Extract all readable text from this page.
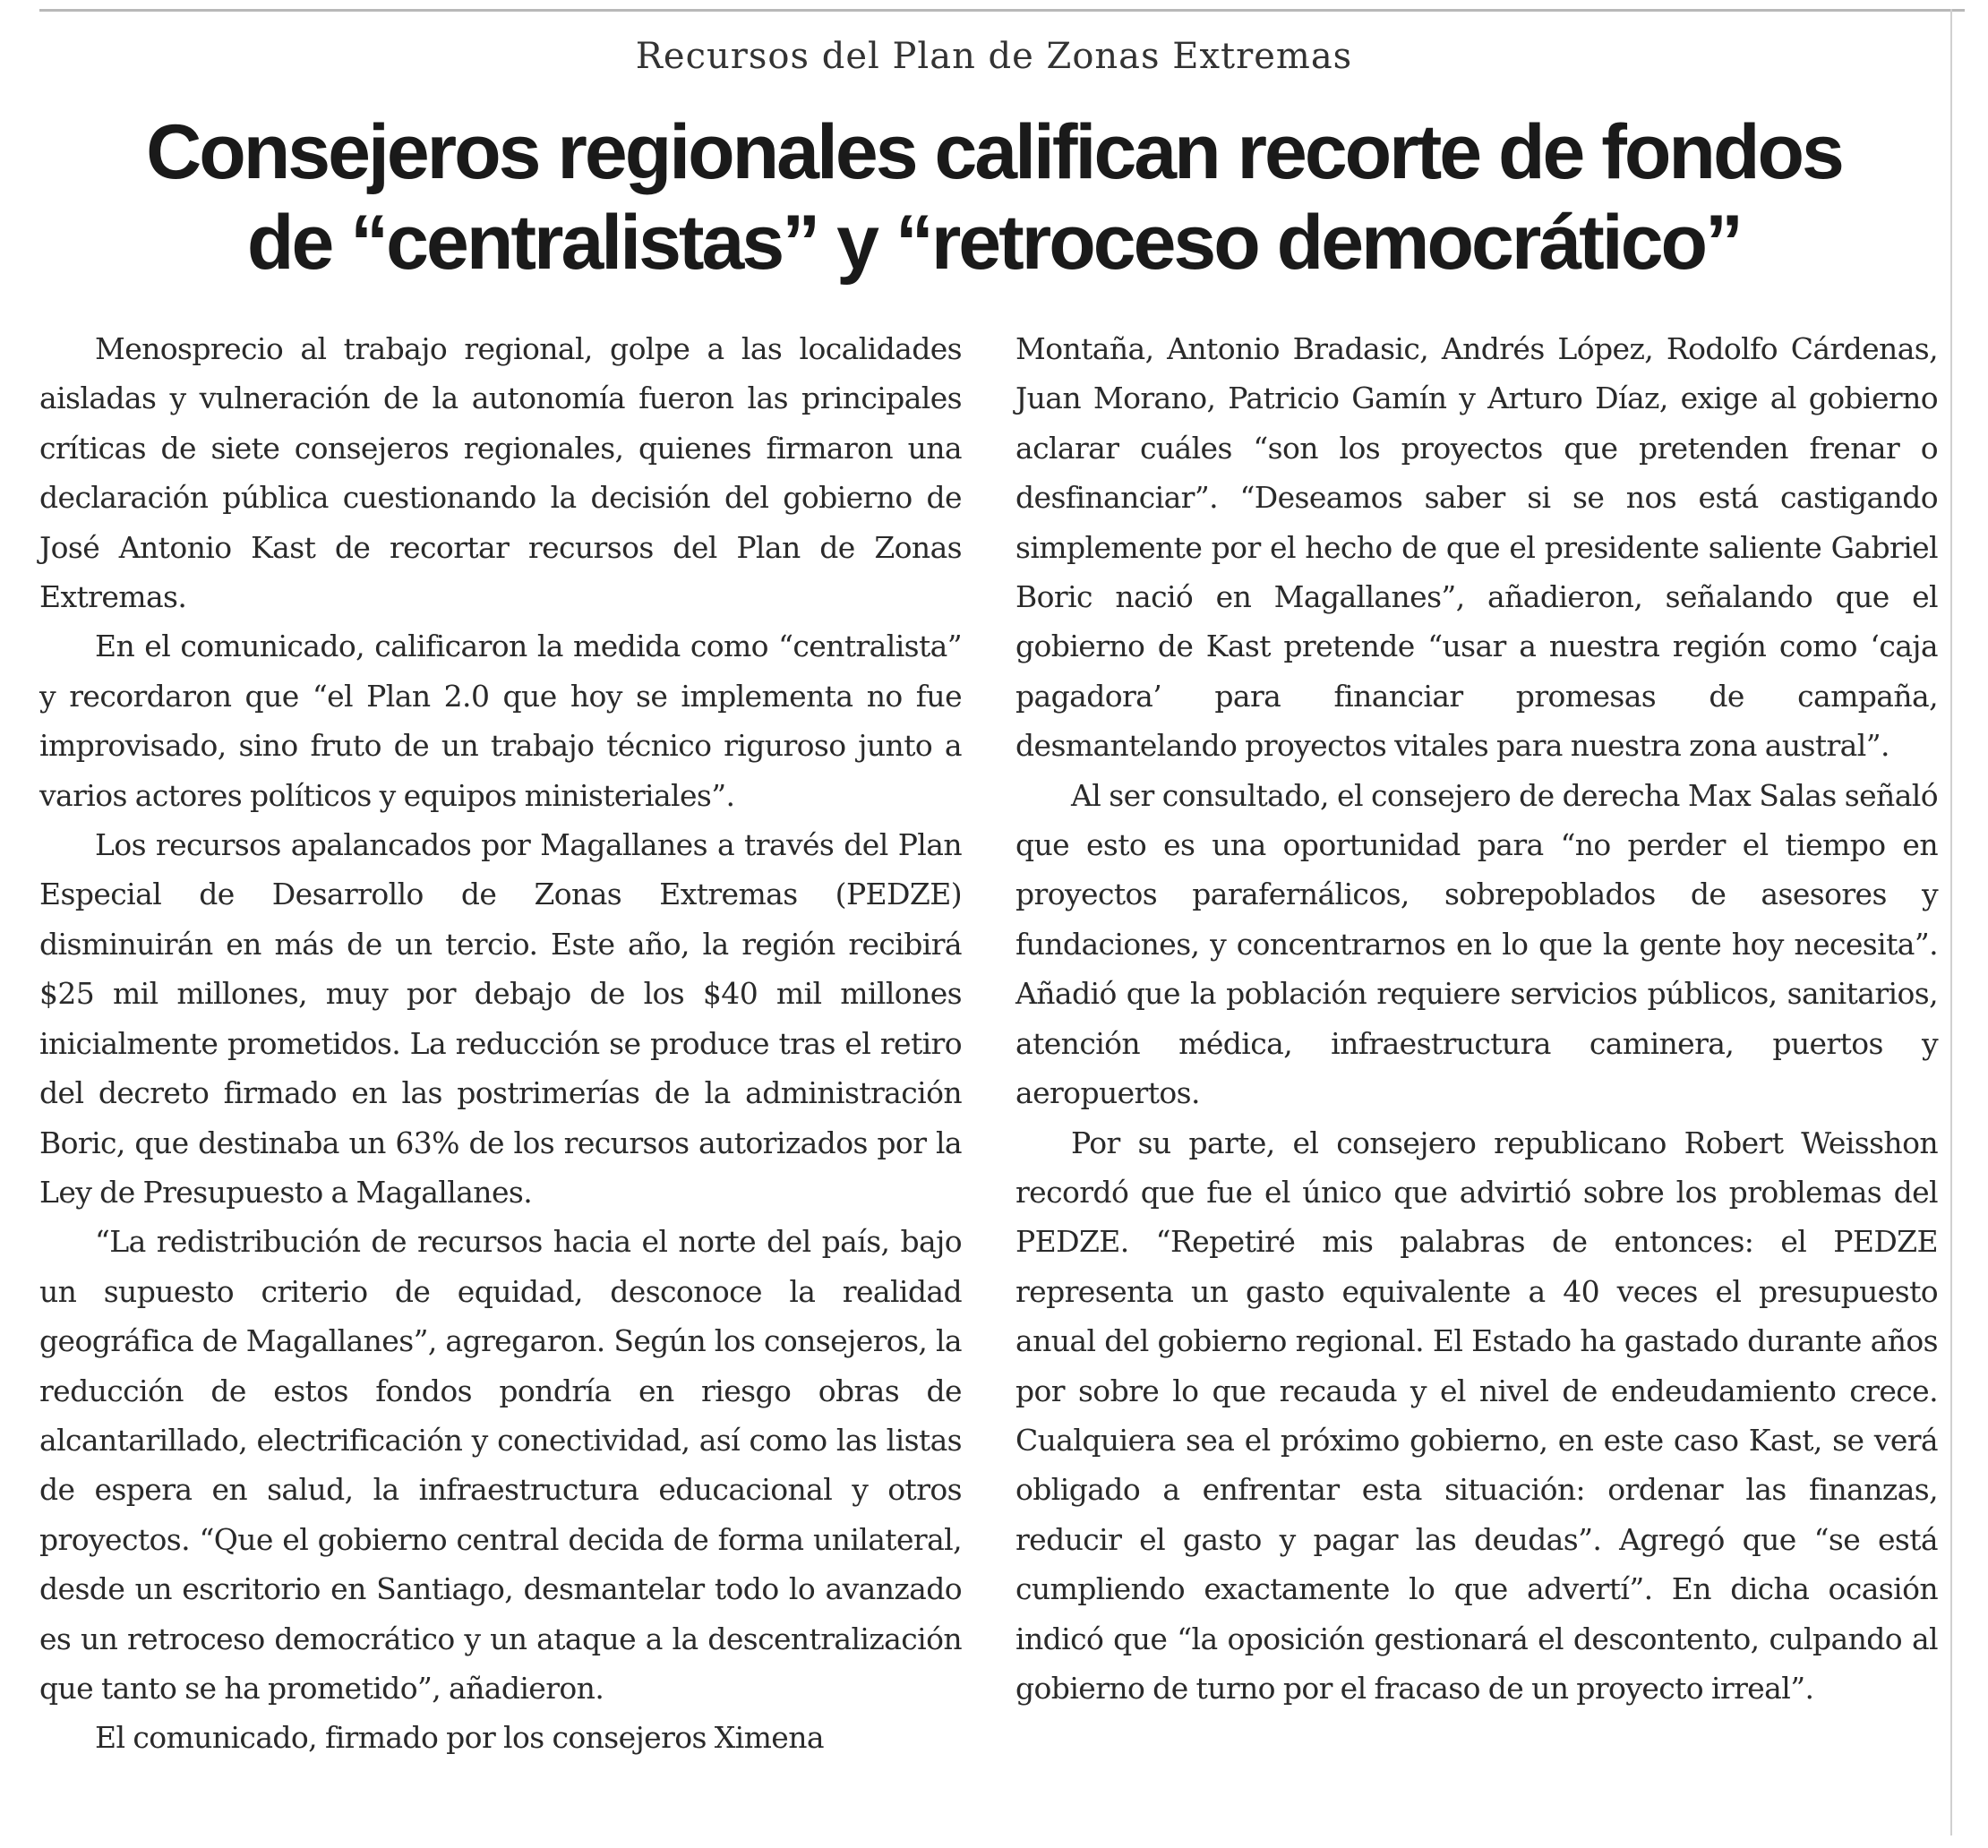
Recursos del Plan de Zonas Extremas
Consejeros regionales califican recorte de fondos
de “centralistas” y “retroceso democrático”

Menosprecio al trabajo regional, golpe a las localidades aisladas y vulneración de la autonomía fueron las principales críticas de siete consejeros regionales, quienes firmaron una declaración pública cuestionando la decisión del gobierno de José Antonio Kast de recortar recursos del Plan de Zonas Extremas.

En el comunicado, calificaron la medida como “centralista” y recordaron que “el Plan 2.0 que hoy se implementa no fue improvisado, sino fruto de un trabajo técnico riguroso junto a varios actores políticos y equipos ministeriales”.

Los recursos apalancados por Magallanes a través del Plan Especial de Desarrollo de Zonas Extremas (PEDZE) disminuirán en más de un tercio. Este año, la región recibirá $25 mil millones, muy por debajo de los $40 mil millones inicialmente prometidos. La reducción se produce tras el retiro del decreto firmado en las postrimerías de la administración Boric, que destinaba un 63% de los recursos autorizados por la Ley de Presupuesto a Magallanes.

“La redistribución de recursos hacia el norte del país, bajo un supuesto criterio de equidad, desconoce la realidad geográfica de Magallanes”, agregaron. Según los consejeros, la reducción de estos fondos pondría en riesgo obras de alcantarillado, electrificación y conectividad, así como las listas de espera en salud, la infraestructura educacional y otros proyectos. “Que el gobierno central decida de forma unilateral, desde un escritorio en Santiago, desmantelar todo lo avanzado es un retroceso democrático y un ataque a la descentralización que tanto se ha prometido”, añadieron.

El comunicado, firmado por los consejeros Ximena

Montaña, Antonio Bradasic, Andrés López, Rodolfo Cárdenas, Juan Morano, Patricio Gamín y Arturo Díaz, exige al gobierno aclarar cuáles “son los proyectos que pretenden frenar o desfinanciar”. “Deseamos saber si se nos está castigando simplemente por el hecho de que el presidente saliente Gabriel Boric nació en Magallanes”, añadieron, señalando que el gobierno de Kast pretende “usar a nuestra región como ‘caja pagadora’ para financiar promesas de campaña, desmantelando proyectos vitales para nuestra zona austral”.

Al ser consultado, el consejero de derecha Max Salas señaló que esto es una oportunidad para “no perder el tiempo en proyectos parafernálicos, sobrepoblados de asesores y fundaciones, y concentrarnos en lo que la gente hoy necesita”. Añadió que la población requiere servicios públicos, sanitarios, atención médica, infraestructura caminera, puertos y aeropuertos.

Por su parte, el consejero republicano Robert Weisshon recordó que fue el único que advirtió sobre los problemas del PEDZE. “Repetiré mis palabras de entonces: el PEDZE representa un gasto equivalente a 40 veces el presupuesto anual del gobierno regional. El Estado ha gastado durante años por sobre lo que recauda y el nivel de endeudamiento crece. Cualquiera sea el próximo gobierno, en este caso Kast, se verá obligado a enfrentar esta situación: ordenar las finanzas, reducir el gasto y pagar las deudas”. Agregó que “se está cumpliendo exactamente lo que advertí”. En dicha ocasión indicó que “la oposición gestionará el descontento, culpando al gobierno de turno por el fracaso de un proyecto irreal”.
